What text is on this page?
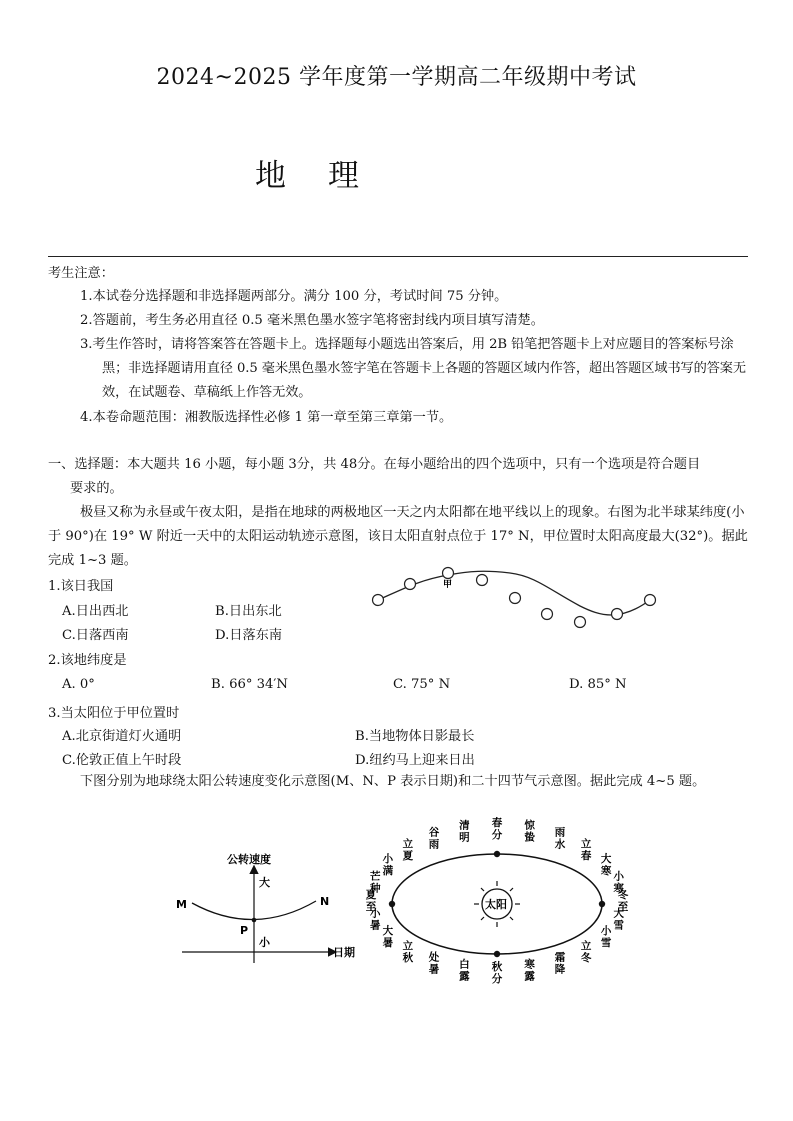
2024~2025 学年度第一学期高二年级期中考试
地 理
考生注意：
1.本试卷分选择题和非选择题两部分。满分 100 分，考试时间 75 分钟。
2.答题前，考生务必用直径 0.5 毫米黑色墨水签字笔将密封线内项目填写清楚。
3.考生作答时，请将答案答在答题卡上。选择题每小题选出答案后，用 2B 铅笔把答题卡上对应题目的答案标号涂黑；非选择题请用直径 0.5 毫米黑色墨水签字笔在答题卡上各题的答题区域内作答，超出答题区域书写的答案无效，在试题卷、草稿纸上作答无效。
4.本卷命题范围：湘教版选择性必修 1 第一章至第三章第一节。
一、选择题：本大题共 16 小题，每小题 3分，共 48分。在每小题给出的四个选项中，只有一个选项是符合题目
要求的。
极昼又称为永昼或午夜太阳，是指在地球的两极地区一天之内太阳都在地平线以上的现象。右图为北半球某纬度(小于 90°)在 19° W 附近一天中的太阳运动轨迹示意图，该日太阳直射点位于 17° N，甲位置时太阳高度最大(32°)。据此完成 1~3 题。
1.该日我国
A.日出西北	B.日出东北
C.日落西南	D.日落东南
2.该地纬度是
A. 0°	B. 66° 34′N	C. 75° N	D. 85° N
3.当太阳位于甲位置时
A.北京街道灯火通明	B.当地物体日影最长
C.伦敦正值上午时段	D.纽约马上迎来日出
下图分别为地球绕太阳公转速度变化示意图(M、N、P 表示日期)和二十四节气示意图。据此完成 4~5 题。
甲
公转速度
日期
大
小
M	N
P
太阳
春分
惊蛰 雨水 立春 大寒 小寒
冬至
大雪
小雪
立冬
霜降
寒露
秋分
白露
处暑
立秋
大暑
小暑
夏至
芒种
小满
立夏
谷雨
清明
